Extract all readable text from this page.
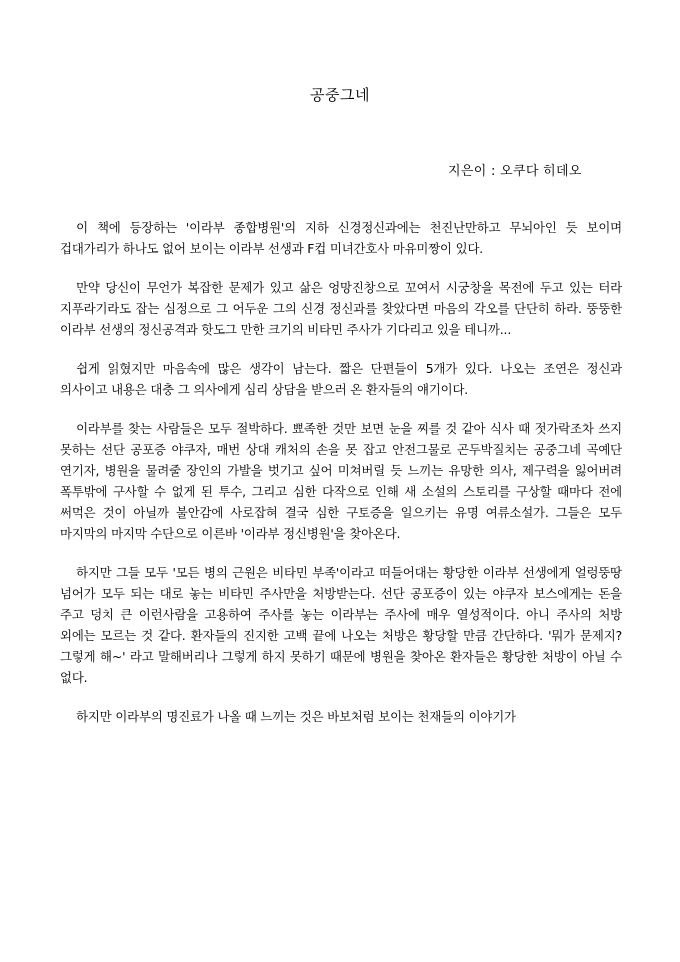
공중그네
지은이 : 오쿠다 히데오

이 책에 등장하는 '이라부 종합병원'의 지하 신경정신과에는 천진난만하고 무뇌아인 듯 보이며 겁대가리가 하나도 없어 보이는 이라부 선생과 F컵 미녀간호사 마유미짱이 있다.

만약 당신이 무언가 복잡한 문제가 있고 삶은 엉망진창으로 꼬여서 시궁창을 목전에 두고 있는 터라 지푸라기라도 잡는 심정으로 그 어두운 그의 신경 정신과를 찾았다면 마음의 각오를 단단히 하라. 뚱뚱한 이라부 선생의 정신공격과 핫도그 만한 크기의 비타민 주사가 기다리고 있을 테니까...

쉽게 읽혔지만 마음속에 많은 생각이 남는다. 짧은 단편들이 5개가 있다. 나오는 조연은 정신과 의사이고 내용은 대충 그 의사에게 심리 상담을 받으러 온 환자들의 얘기이다.

이라부를 찾는 사람들은 모두 절박하다. 뾰족한 것만 보면 눈을 찌를 것 같아 식사 때 젓가락조차 쓰지 못하는 선단 공포증 야쿠자, 매번 상대 캐처의 손을 못 잡고 안전그물로 곤두박질치는 공중그네 곡예단 연기자, 병원을 물려줄 장인의 가발을 벗기고 싶어 미쳐버릴 듯 느끼는 유망한 의사, 제구력을 잃어버려 폭투밖에 구사할 수 없게 된 투수, 그리고 심한 다작으로 인해 새 소설의 스토리를 구상할 때마다 전에 써먹은 것이 아닐까 불안감에 사로잡혀 결국 심한 구토증을 일으키는 유명 여류소설가. 그들은 모두 마지막의 마지막 수단으로 이른바 '이라부 정신병원'을 찾아온다.

하지만 그들 모두 '모든 병의 근원은 비타민 부족'이라고 떠들어대는 황당한 이라부 선생에게 얼렁뚱땅 넘어가 모두 되는 대로 놓는 비타민 주사만을 처방받는다. 선단 공포증이 있는 야쿠자 보스에게는 돈을 주고 덩치 큰 이런사람을 고용하여 주사를 놓는 이라부는 주사에 매우 열성적이다. 아니 주사의 처방 외에는 모르는 것 같다. 환자들의 진지한 고백 끝에 나오는 처방은 황당할 만큼 간단하다. '뭐가 문제지? 그렇게 해~' 라고 말해버리나 그렇게 하지 못하기 때문에 병원을 찾아온 환자들은 황당한 처방이 아닐 수 없다.

하지만 이라부의 명진료가 나올 때 느끼는 것은 바보처럼 보이는 천재들의 이야기가
